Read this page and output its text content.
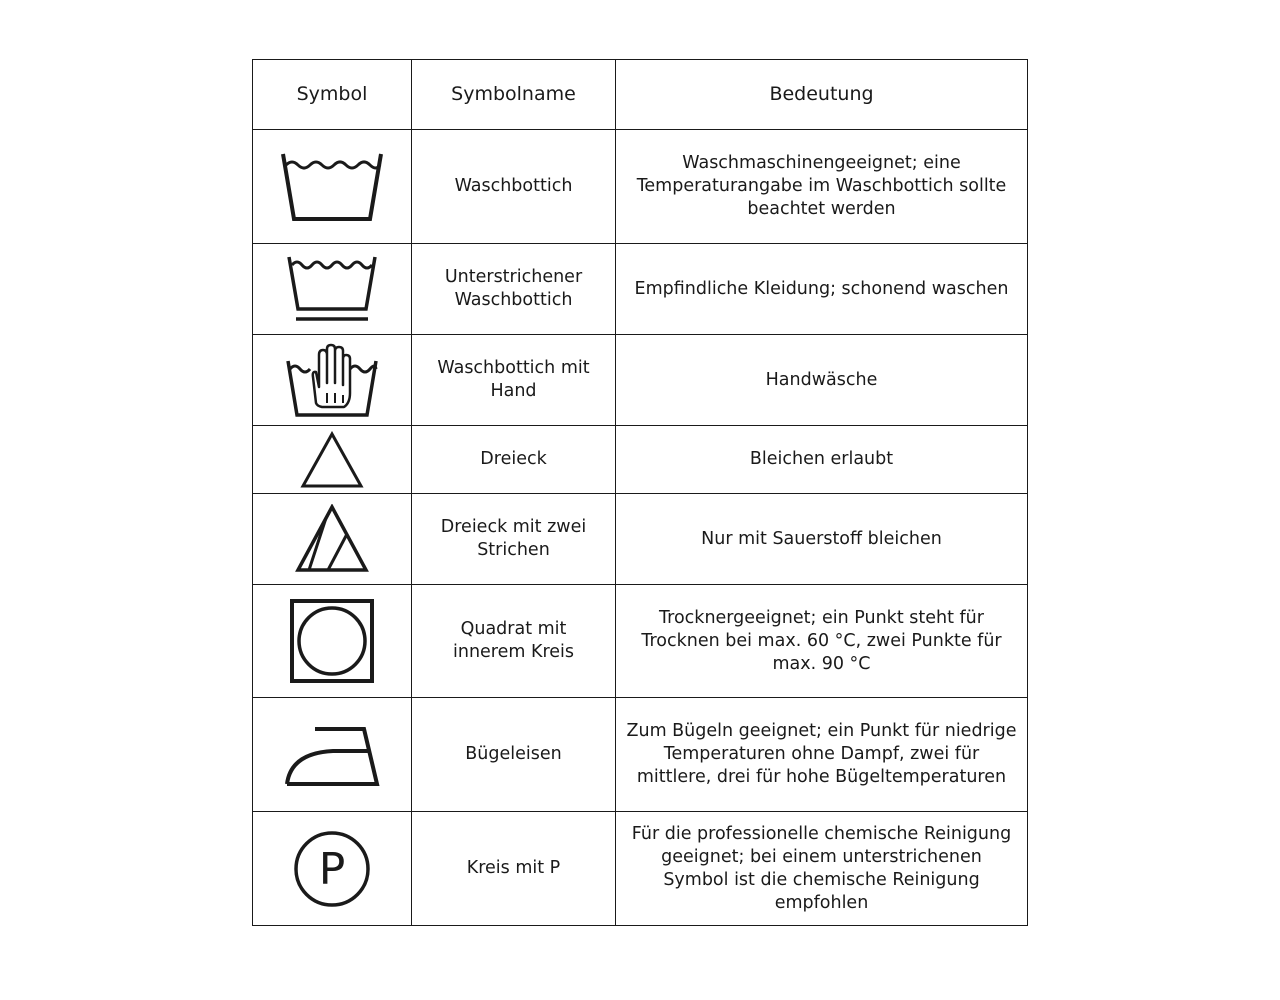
Symbol	Symbolname	Bedeutung

	Waschbottich	Waschmaschinengeeignet; eine Temperaturangabe im Waschbottich sollte beachtet werden

	Unterstrichener Waschbottich	Empfindliche Kleidung; schonend waschen

	Waschbottich mit Hand	Handwäsche

	Dreieck	Bleichen erlaubt

	Dreieck mit zwei Strichen	Nur mit Sauerstoff bleichen

	Quadrat mit innerem Kreis	Trocknergeeignet; ein Punkt steht für Trocknen bei max. 60 °C, zwei Punkte für max. 90 °C

	Bügeleisen	Zum Bügeln geeignet; ein Punkt für niedrige Temperaturen ohne Dampf, zwei für mittlere, drei für hohe Bügeltemperaturen

P	Kreis mit P	Für die professionelle chemische Reinigung geeignet; bei einem unterstrichenen Symbol ist die chemische Reinigung empfohlen
